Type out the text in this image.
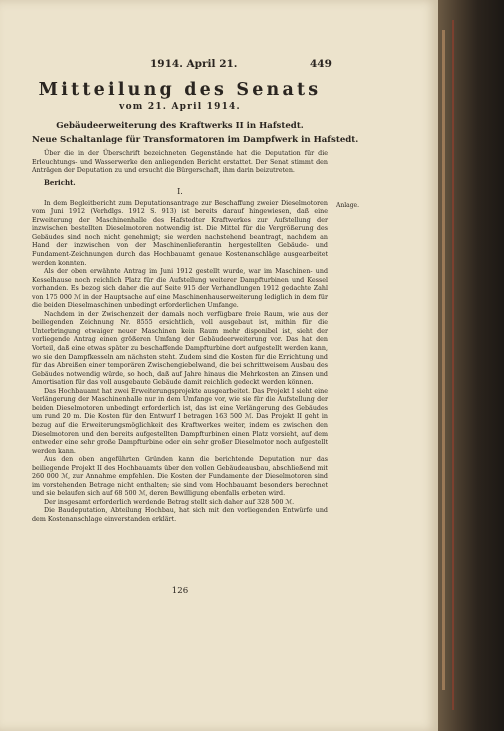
1914. April 21.	449
Mitteilung des Senats
vom 21. April 1914.
Gebäudeerweiterung des Kraftwerks II in Hafstedt.
Neue Schaltanlage für Transformatoren im Dampfwerk in Hafstedt.

Über die in der Überschrift bezeichneten Gegenstände hat die Deputation für die Erleuchtungs- und Wasserwerke den anliegenden Bericht erstattet. Der Senat stimmt den Anträgen der Deputation zu und ersucht die Bürgerschaft, ihm darin beizutreten.

Bericht.
I.

In dem Begleitbericht zum Deputationsantrage zur Beschaffung zweier Dieselmotoren vom Juni 1912 (Verhdlgs. 1912 S. 913) ist bereits darauf hingewiesen, daß eine Erweiterung der Maschinenhalle des Hafstedter Kraftwerkes zur Aufstellung der inzwischen bestellten Dieselmotoren notwendig ist. Die Mittel für die Vergrößerung des Gebäudes sind noch nicht genehmigt; sie werden nachstehend beantragt, nachdem an Hand der inzwischen von der Maschinenlieferantin hergestellten Gebäude- und Fundament-Zeichnungen durch das Hochbauamt genaue Kostenanschläge ausgearbeitet werden konnten.

Als der oben erwähnte Antrag im Juni 1912 gestellt wurde, war im Maschinen- und Kesselhause noch reichlich Platz für die Aufstellung weiterer Dampfturbinen und Kessel vorhanden. Es bezog sich daher die auf Seite 915 der Verhandlungen 1912 gedachte Zahl von 175 000 ℳ in der Hauptsache auf eine Maschinenhauserweiterung lediglich in dem für die beiden Dieselmaschinen unbedingt erforderlichen Umfange.

Nachdem in der Zwischenzeit der damals noch verfügbare freie Raum, wie aus der beiliegenden Zeichnung Nr. 8555 ersichtlich, voll ausgebaut ist, mithin für die Unterbringung etwaiger neuer Maschinen kein Raum mehr disponibel ist, sieht der vorliegende Antrag einen größeren Umfang der Gebäudeerweiterung vor. Das hat den Vorteil, daß eine etwas später zu beschaffende Dampfturbine dort aufgestellt werden kann, wo sie den Dampfkesseln am nächsten steht. Zudem sind die Kosten für die Errichtung und für das Abreißen einer temporären Zwischengiebelwand, die bei schrittweisem Ausbau des Gebäudes notwendig würde, so hoch, daß auf Jahre hinaus die Mehrkosten an Zinsen und Amortisation für das voll ausgebaute Gebäude damit reichlich gedeckt werden können.

Das Hochbauamt hat zwei Erweiterungsprojekte ausgearbeitet. Das Projekt I sieht eine Verlängerung der Maschinenhalle nur in dem Umfange vor, wie sie für die Aufstellung der beiden Dieselmotoren unbedingt erforderlich ist, das ist eine Verlängerung des Gebäudes um rund 20 m. Die Kosten für den Entwurf I betragen 163 500 ℳ. Das Projekt II geht in bezug auf die Erweiterungsmöglichkeit des Kraftwerkes weiter, indem es zwischen den Dieselmotoren und den bereits aufgestellten Dampfturbinen einen Platz vorsieht, auf dem entweder eine sehr große Dampfturbine oder ein sehr großer Dieselmotor noch aufgestellt werden kann.

Aus den oben angeführten Gründen kann die berichtende Deputation nur das beiliegende Projekt II des Hochbauamts über den vollen Gebäudeausbau, abschließend mit 260 000 ℳ, zur Annahme empfehlen. Die Kosten der Fundamente der Dieselmotoren sind im vorstehenden Betrage nicht enthalten; sie sind vom Hochbauamt besonders berechnet und sie belaufen sich auf 68 500 ℳ, deren Bewilligung ebenfalls erbeten wird.

Der insgesamt erforderlich werdende Betrag stellt sich daher auf 328 500 ℳ.

Die Baudeputation, Abteilung Hochbau, hat sich mit den vorliegenden Entwürfe und dem Kostenanschlage einverstanden erklärt.

126
Anlage.
